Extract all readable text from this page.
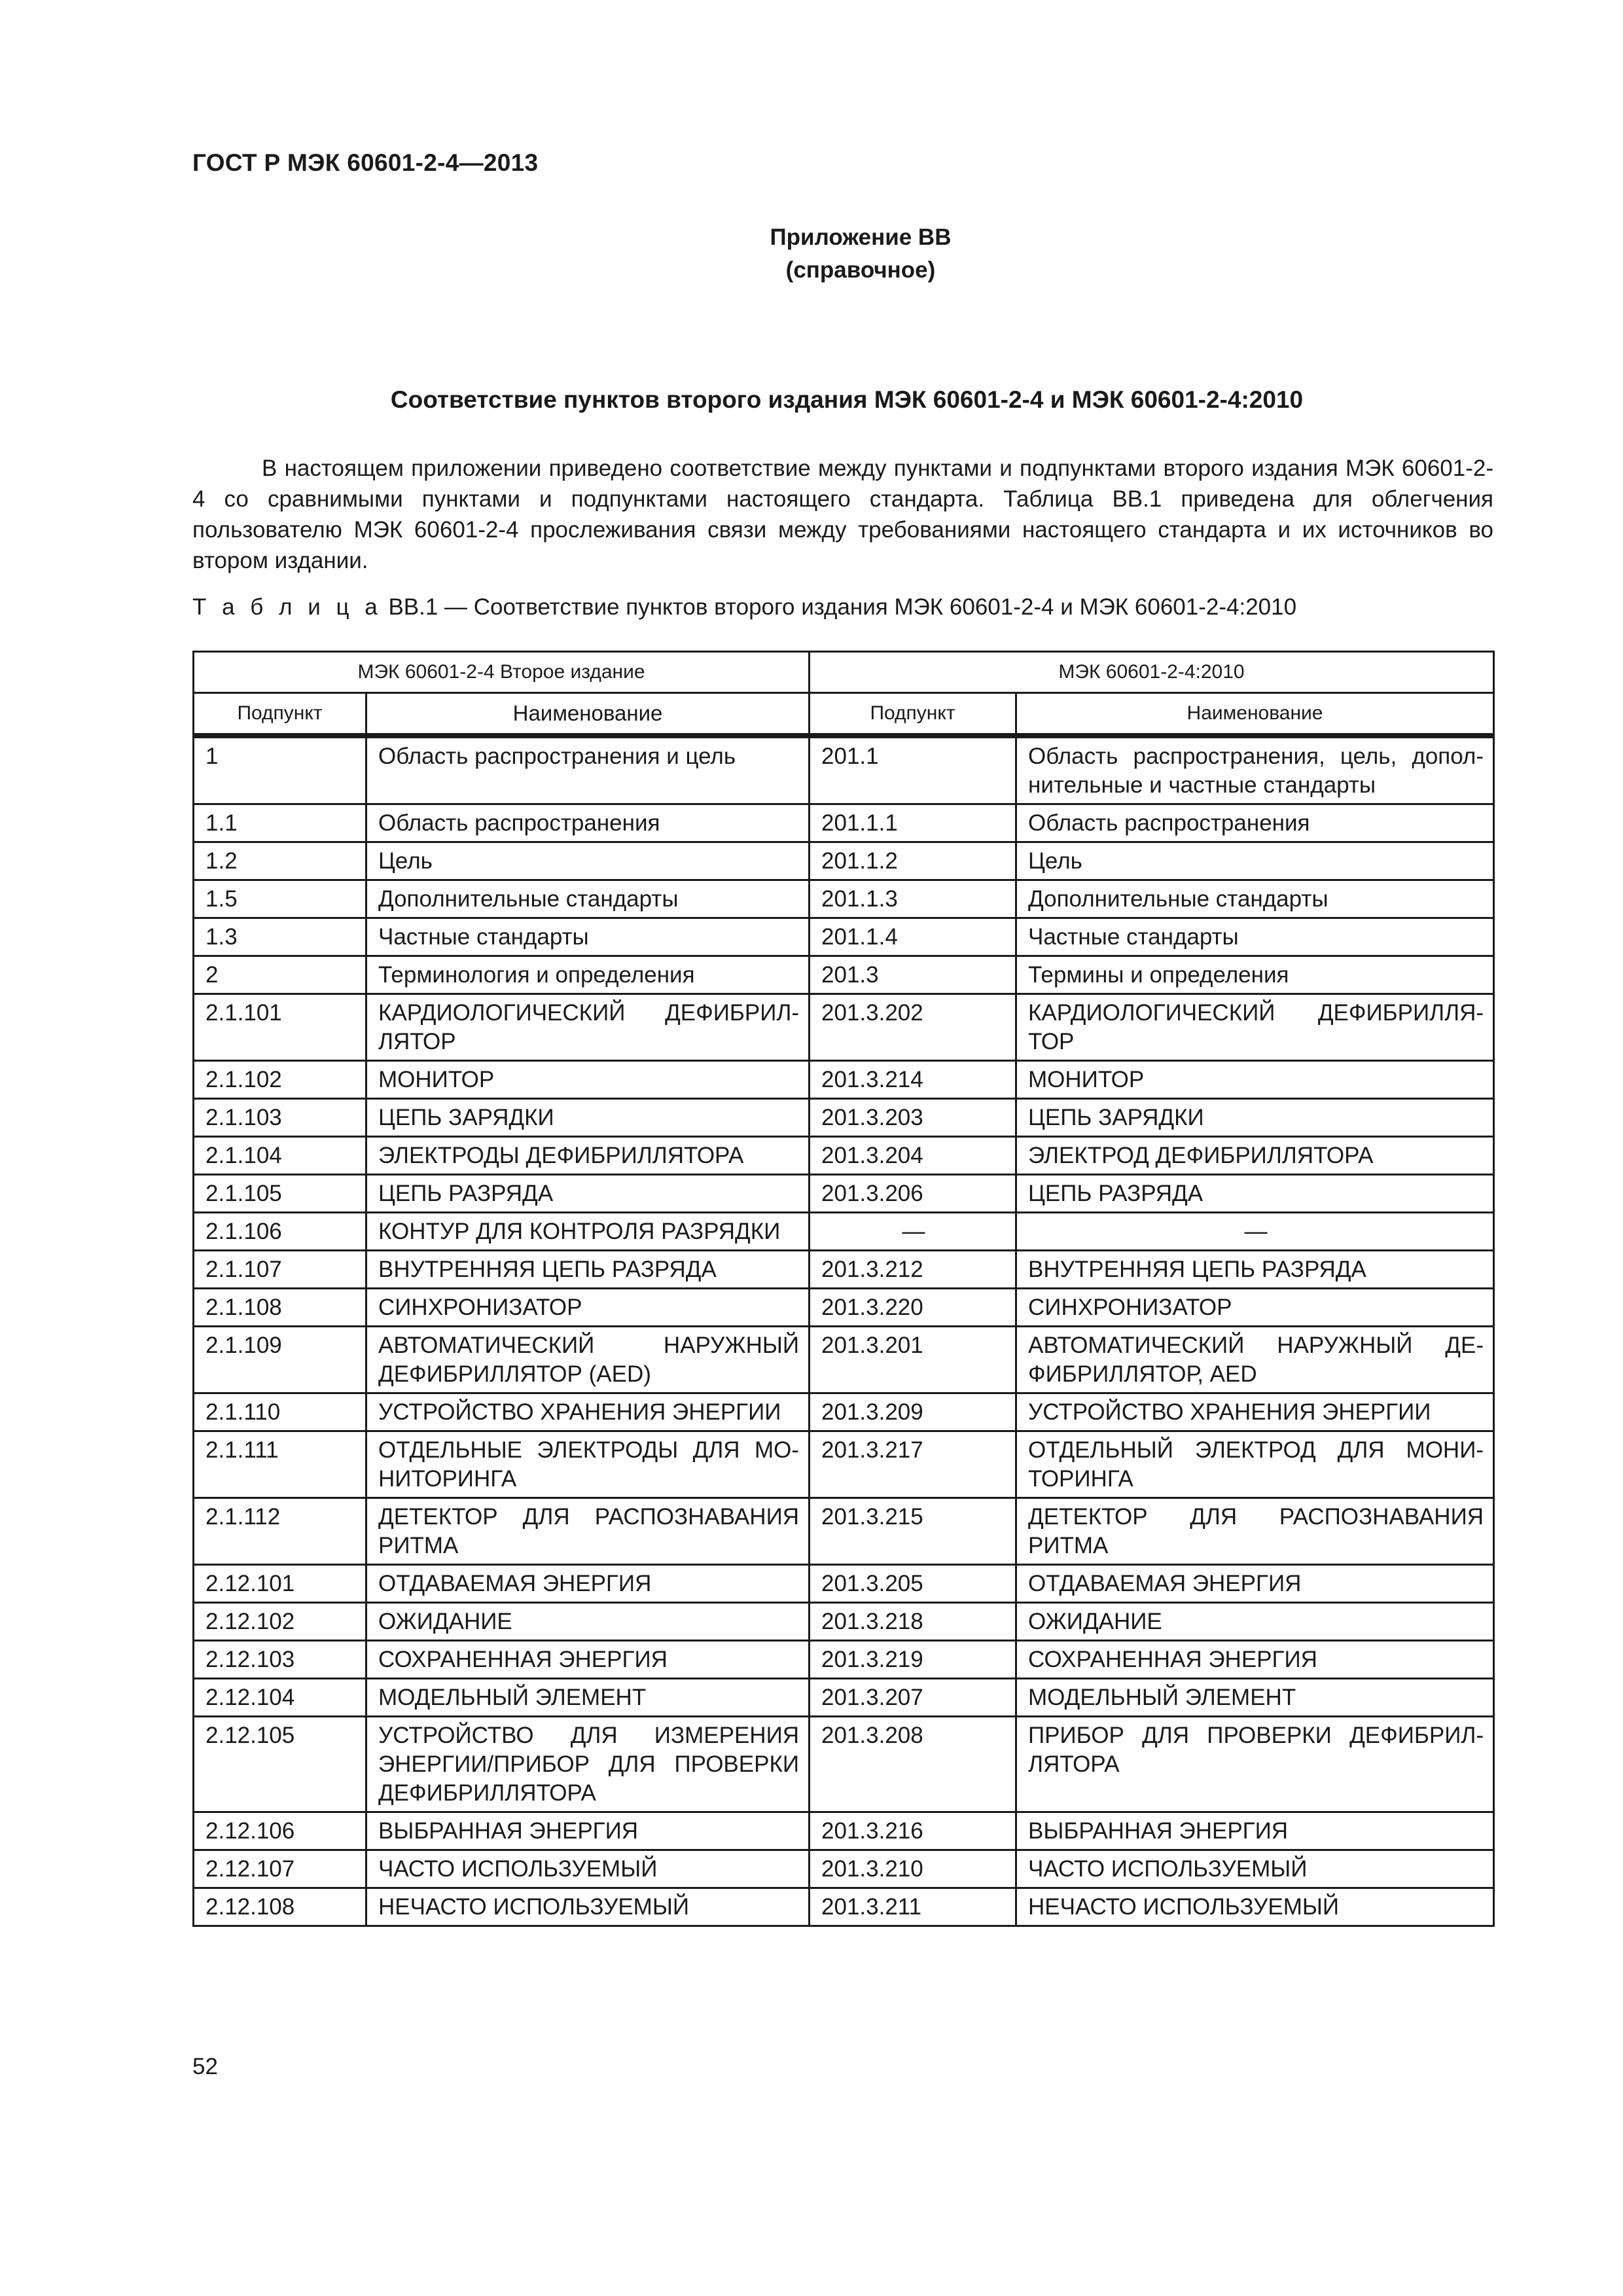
ГОСТ Р МЭК 60601-2-4—2013
Приложение ВВ
(справочное)
Соответствие пунктов второго издания МЭК 60601-2-4 и МЭК 60601-2-4:2010

В настоящем приложении приведено соответствие между пунктами и подпунктами второго издания МЭК 60601-2-4 со сравнимыми пунктами и подпунктами настоящего стандарта. Таблица ВВ.1 приведена для облегчения пользователю МЭК 60601-2-4 прослеживания связи между требованиями настоящего стандарта и их источников во втором издании.

Т а б л и ц а ВВ.1 — Соответствие пунктов второго издания МЭК 60601-2-4 и МЭК 60601-2-4:2010
МЭК 60601-2-4 Второе издание		МЭК 60601-2-4:2010	
Подпункт	Наименование	Подпункт	Наименование
1	Область распространения и цель	201.1	Область распространения, цель, допол-нительные и частные стандарты
1.1	Область распространения	201.1.1	Область распространения
1.2	Цель	201.1.2	Цель
1.5	Дополнительные стандарты	201.1.3	Дополнительные стандарты
1.3	Частные стандарты	201.1.4	Частные стандарты
2	Терминология и определения	201.3	Термины и определения
2.1.101	КАРДИОЛОГИЧЕСКИЙ ДЕФИБРИЛ-ЛЯТОР	201.3.202	КАРДИОЛОГИЧЕСКИЙ ДЕФИБРИЛЛЯ-ТОР
2.1.102	МОНИТОР	201.3.214	МОНИТОР
2.1.103	ЦЕПЬ ЗАРЯДКИ	201.3.203	ЦЕПЬ ЗАРЯДКИ
2.1.104	ЭЛЕКТРОДЫ ДЕФИБРИЛЛЯТОРА	201.3.204	ЭЛЕКТРОД ДЕФИБРИЛЛЯТОРА
2.1.105	ЦЕПЬ РАЗРЯДА	201.3.206	ЦЕПЬ РАЗРЯДА
2.1.106	КОНТУР ДЛЯ КОНТРОЛЯ РАЗРЯДКИ	—	—
2.1.107	ВНУТРЕННЯЯ ЦЕПЬ РАЗРЯДА	201.3.212	ВНУТРЕННЯЯ ЦЕПЬ РАЗРЯДА
2.1.108	СИНХРОНИЗАТОР	201.3.220	СИНХРОНИЗАТОР
2.1.109	АВТОМАТИЧЕСКИЙ НАРУЖНЫЙ ДЕФИБРИЛЛЯТОР (AED)	201.3.201	АВТОМАТИЧЕСКИЙ НАРУЖНЫЙ ДЕ-ФИБРИЛЛЯТОР, AED
2.1.110	УСТРОЙСТВО ХРАНЕНИЯ ЭНЕРГИИ	201.3.209	УСТРОЙСТВО ХРАНЕНИЯ ЭНЕРГИИ
2.1.111	ОТДЕЛЬНЫЕ ЭЛЕКТРОДЫ ДЛЯ МО-НИТОРИНГА	201.3.217	ОТДЕЛЬНЫЙ ЭЛЕКТРОД ДЛЯ МОНИ-ТОРИНГА
2.1.112	ДЕТЕКТОР ДЛЯ РАСПОЗНАВАНИЯ РИТМА	201.3.215	ДЕТЕКТОР ДЛЯ РАСПОЗНАВАНИЯ РИТМА
2.12.101	ОТДАВАЕМАЯ ЭНЕРГИЯ	201.3.205	ОТДАВАЕМАЯ ЭНЕРГИЯ
2.12.102	ОЖИДАНИЕ	201.3.218	ОЖИДАНИЕ
2.12.103	СОХРАНЕННАЯ ЭНЕРГИЯ	201.3.219	СОХРАНЕННАЯ ЭНЕРГИЯ
2.12.104	МОДЕЛЬНЫЙ ЭЛЕМЕНТ	201.3.207	МОДЕЛЬНЫЙ ЭЛЕМЕНТ
2.12.105	УСТРОЙСТВО ДЛЯ ИЗМЕРЕНИЯ ЭНЕРГИИ/ПРИБОР ДЛЯ ПРОВЕРКИ ДЕФИБРИЛЛЯТОРА	201.3.208	ПРИБОР ДЛЯ ПРОВЕРКИ ДЕФИБРИЛ-ЛЯТОРА
2.12.106	ВЫБРАННАЯ ЭНЕРГИЯ	201.3.216	ВЫБРАННАЯ ЭНЕРГИЯ
2.12.107	ЧАСТО ИСПОЛЬЗУЕМЫЙ	201.3.210	ЧАСТО ИСПОЛЬЗУЕМЫЙ
2.12.108	НЕЧАСТО ИСПОЛЬЗУЕМЫЙ	201.3.211	НЕЧАСТО ИСПОЛЬЗУЕМЫЙ
52
